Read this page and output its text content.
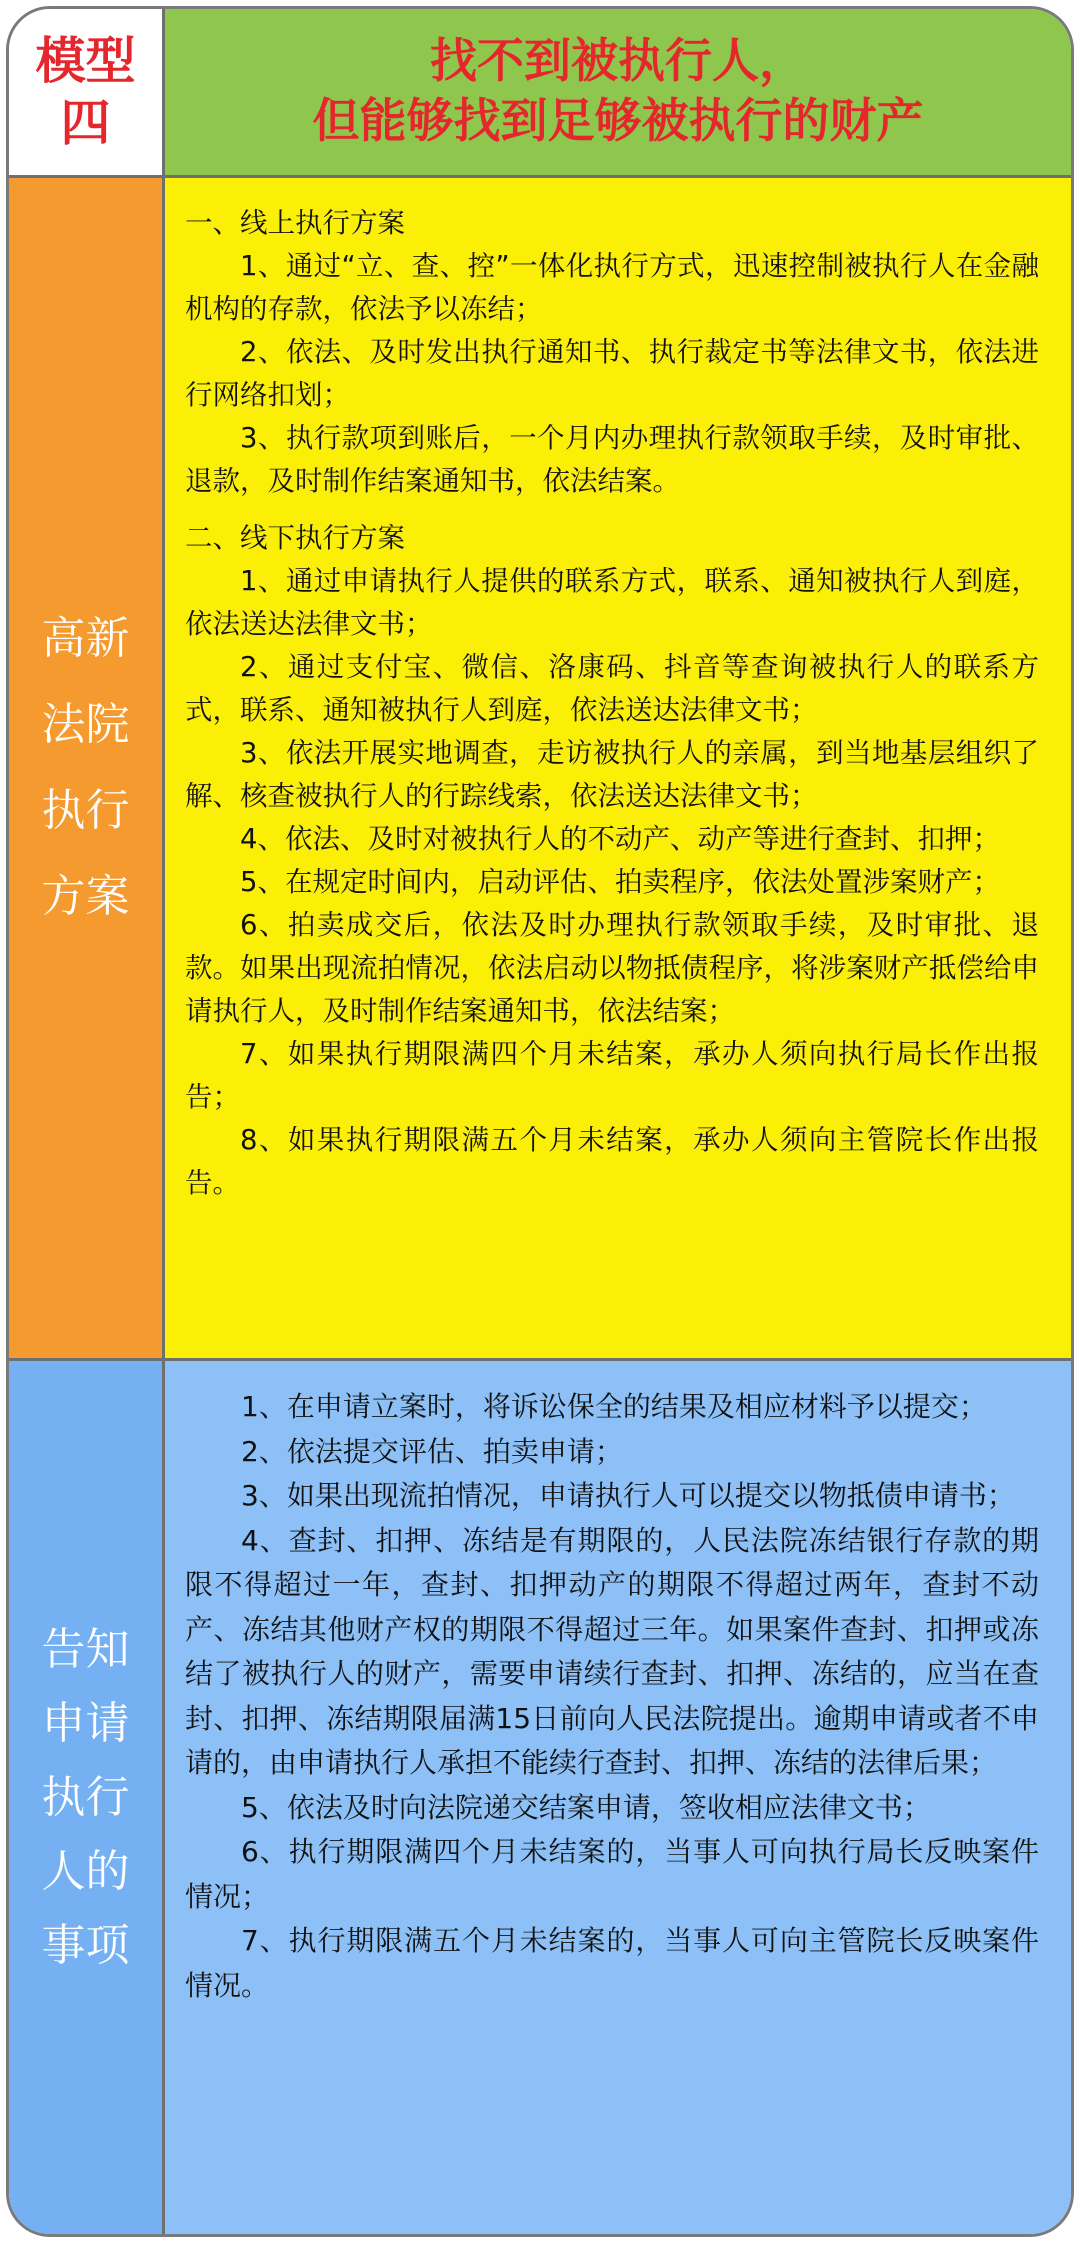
模型
四
找不到被执行人，
但能够找到足够被执行的财产
高新
法院
执行
方案

一、线上执行方案

1、通过“立、查、控”一体化执行方式，迅速控制被执行人在金融机构的存款，依法予以冻结；

2、依法、及时发出执行通知书、执行裁定书等法律文书，依法进行网络扣划；

3、执行款项到账后，一个月内办理执行款领取手续，及时审批、退款，及时制作结案通知书，依法结案。

二、线下执行方案

1、通过申请执行人提供的联系方式，联系、通知被执行人到庭，依法送达法律文书；

2、通过支付宝、微信、洛康码、抖音等查询被执行人的联系方式，联系、通知被执行人到庭，依法送达法律文书；

3、依法开展实地调查，走访被执行人的亲属，到当地基层组织了解、核查被执行人的行踪线索，依法送达法律文书；

4、依法、及时对被执行人的不动产、动产等进行查封、扣押；

5、在规定时间内，启动评估、拍卖程序，依法处置涉案财产；

6、拍卖成交后，依法及时办理执行款领取手续，及时审批、退款。如果出现流拍情况，依法启动以物抵债程序，将涉案财产抵偿给申请执行人，及时制作结案通知书，依法结案；

7、如果执行期限满四个月未结案，承办人须向执行局长作出报告；

8、如果执行期限满五个月未结案，承办人须向主管院长作出报告。

告知
申请
执行
人的
事项

1、在申请立案时，将诉讼保全的结果及相应材料予以提交；

2、依法提交评估、拍卖申请；

3、如果出现流拍情况，申请执行人可以提交以物抵债申请书；

4、查封、扣押、冻结是有期限的，人民法院冻结银行存款的期限不得超过一年，查封、扣押动产的期限不得超过两年，查封不动产、冻结其他财产权的期限不得超过三年。如果案件查封、扣押或冻结了被执行人的财产，需要申请续行查封、扣押、冻结的，应当在查封、扣押、冻结期限届满15日前向人民法院提出。逾期申请或者不申请的，由申请执行人承担不能续行查封、扣押、冻结的法律后果；

5、依法及时向法院递交结案申请，签收相应法律文书；

6、执行期限满四个月未结案的，当事人可向执行局长反映案件情况；

7、执行期限满五个月未结案的，当事人可向主管院长反映案件情况。
